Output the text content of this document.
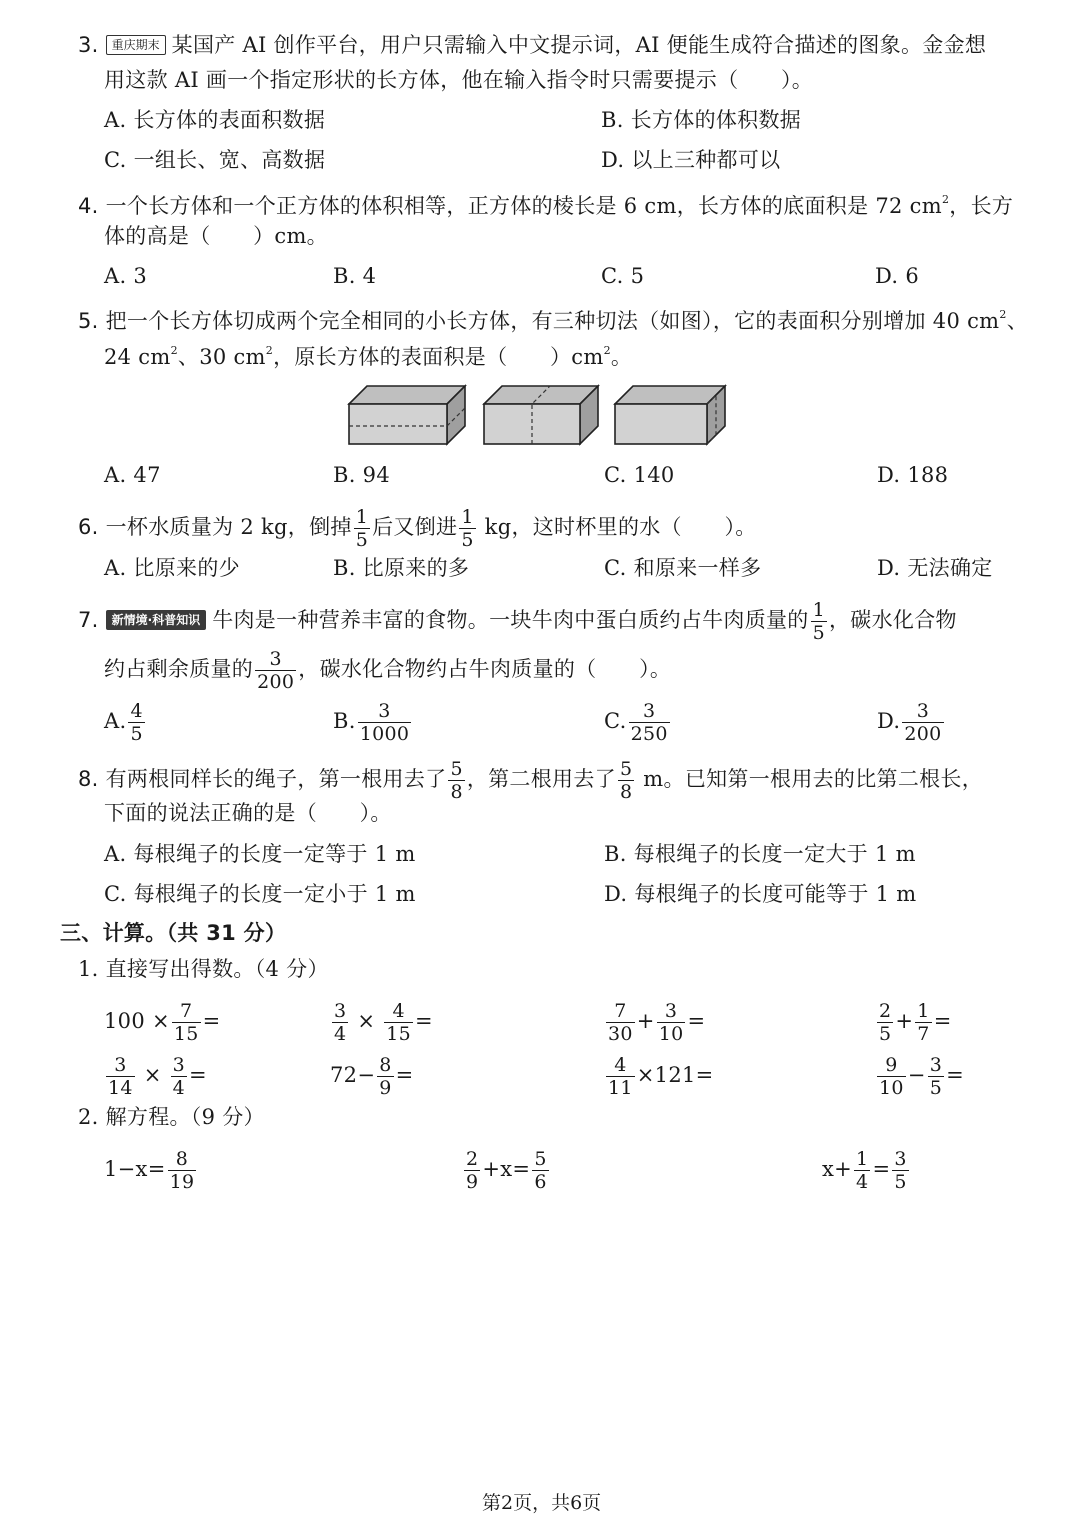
3. 重庆期末 某国产 AI 创作平台，用户只需输入中文提示词，AI 便能生成符合描述的图象。金金想
用这款 AI 画一个指定形状的长方体，他在输入指令时只需要提示（　　）。
A. 长方体的表面积数据	B. 长方体的体积数据
C. 一组长、宽、高数据	D. 以上三种都可以
4. 一个长方体和一个正方体的体积相等，正方体的棱长是 6 cm，长方体的底面积是 72 $cm^2$，长方
体的高是（　　）cm。
A. 3	B. 4	C. 5	D. 6
5. 把一个长方体切成两个完全相同的小长方体，有三种切法（如图），它的表面积分别增加 40 $cm^2$、
24 $cm^2$、30 $cm^2$，原长方体的表面积是（　　）$cm^2$。
A. 47	B. 94	C. 140	D. 188
6. 一杯水质量为 2 kg，倒掉 $\frac{1}{5}$ 后又倒进 $\frac{1}{5}$ kg，这时杯里的水（　　）。
A. 比原来的少	B. 比原来的多	C. 和原来一样多	D. 无法确定
7. 新情境·科普知识 牛肉是一种营养丰富的食物。一块牛肉中蛋白质约占牛肉质量的 $\frac{1}{5}$ ，碳水化合物
约占剩余质量的 $\frac{3}{200}$ ，碳水化合物约占牛肉质量的（　　）。
A. $\frac{4}{5}$	B. $\frac{3}{1000}$	C. $\frac{3}{250}$	D. $\frac{3}{200}$
8. 有两根同样长的绳子，第一根用去了 $\frac{5}{8}$ ，第二根用去了 $\frac{5}{8}$ m。已知第一根用去的比第二根长，
下面的说法正确的是（　　）。
A. 每根绳子的长度一定等于 1 m	B. 每根绳子的长度一定大于 1 m
C. 每根绳子的长度一定小于 1 m	D. 每根绳子的长度可能等于 1 m
三、计算。（共 31 分）
1. 直接写出得数。（4 分）
$100 \times \frac{7}{15}$ =	$\frac{3}{4} \times \frac{4}{15}$ =	$\frac{7}{30} + \frac{3}{10}$ =	$\frac{2}{5} + \frac{1}{7}$ =
$\frac{3}{14} \times \frac{3}{4}$ =	$72- \frac{8}{9}$ =	$\frac{4}{11} \times 121=$	$\frac{9}{10} - \frac{3}{5}$ =
2. 解方程。（9 分）
$1-x= \frac{8}{19}$	$\frac{2}{9} +x= \frac{5}{6}$	$x+ \frac{1}{4} = \frac{3}{5}$
第2页，共6页
